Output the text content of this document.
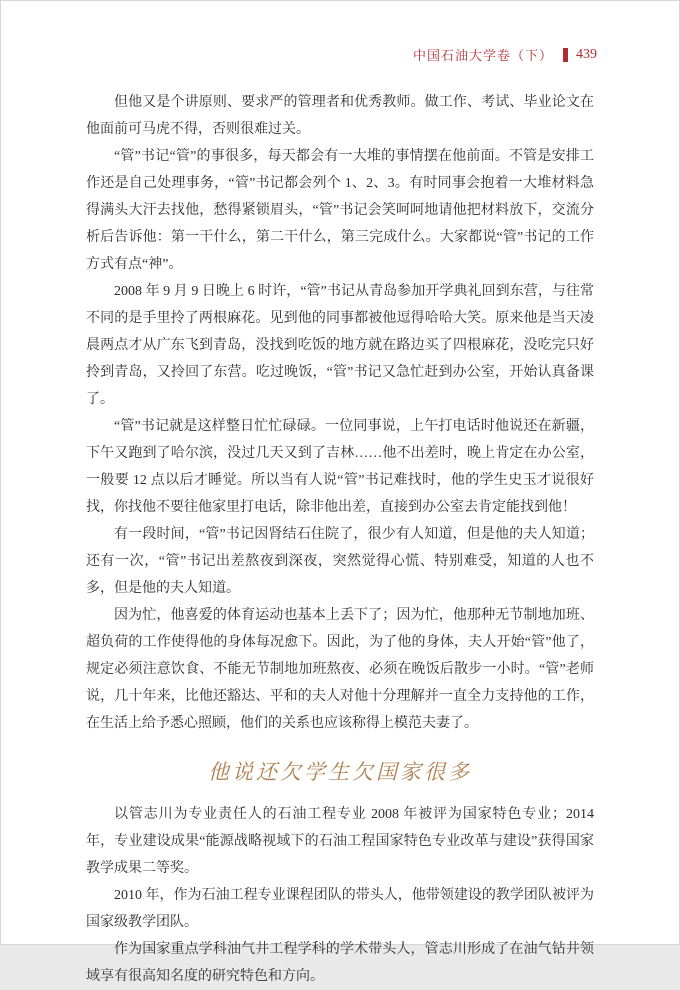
中国石油大学卷（下） 439

但他又是个讲原则、要求严的管理者和优秀教师。做工作、考试、毕业论文在他面前可马虎不得，否则很难过关。

“管”书记“管”的事很多，每天都会有一大堆的事情摆在他前面。不管是安排工作还是自己处理事务，“管”书记都会列个 1、2、3。有时同事会抱着一大堆材料急得满头大汗去找他，愁得紧锁眉头，“管”书记会笑呵呵地请他把材料放下，交流分析后告诉他：第一干什么，第二干什么，第三完成什么。大家都说“管”书记的工作方式有点“神”。

2008 年 9 月 9 日晚上 6 时许，“管”书记从青岛参加开学典礼回到东营，与往常不同的是手里拎了两根麻花。见到他的同事都被他逗得哈哈大笑。原来他是当天凌晨两点才从广东飞到青岛，没找到吃饭的地方就在路边买了四根麻花，没吃完只好拎到青岛，又拎回了东营。吃过晚饭，“管”书记又急忙赶到办公室，开始认真备课了。

“管”书记就是这样整日忙忙碌碌。一位同事说，上午打电话时他说还在新疆，下午又跑到了哈尔滨，没过几天又到了吉林……他不出差时，晚上肯定在办公室，一般要 12 点以后才睡觉。所以当有人说“管”书记难找时，他的学生史玉才说很好找，你找他不要往他家里打电话，除非他出差，直接到办公室去肯定能找到他！

有一段时间，“管”书记因肾结石住院了，很少有人知道，但是他的夫人知道；还有一次，“管”书记出差熬夜到深夜，突然觉得心慌、特别难受，知道的人也不多，但是他的夫人知道。

因为忙，他喜爱的体育运动也基本上丢下了；因为忙，他那种无节制地加班、超负荷的工作使得他的身体每况愈下。因此，为了他的身体，夫人开始“管”他了，规定必须注意饮食、不能无节制地加班熬夜、必须在晚饭后散步一小时。“管”老师说，几十年来，比他还豁达、平和的夫人对他十分理解并一直全力支持他的工作，在生活上给予悉心照顾，他们的关系也应该称得上模范夫妻了。

他说还欠学生欠国家很多

以管志川为专业责任人的石油工程专业 2008 年被评为国家特色专业；2014 年，专业建设成果“能源战略视域下的石油工程国家特色专业改革与建设”获得国家教学成果二等奖。

2010 年，作为石油工程专业课程团队的带头人，他带领建设的教学团队被评为国家级教学团队。

作为国家重点学科油气井工程学科的学术带头人，管志川形成了在油气钻井领域享有很高知名度的研究特色和方向。
